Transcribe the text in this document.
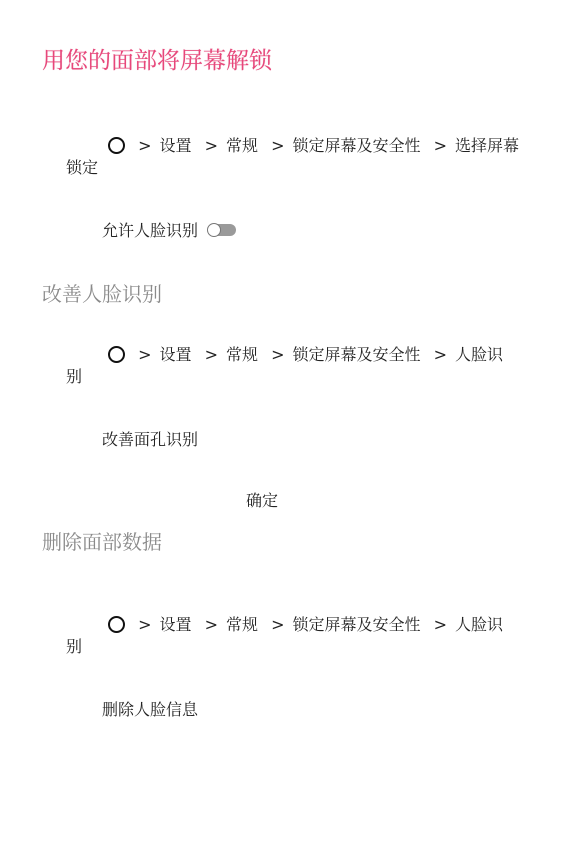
用您的面部将屏幕解锁
> 设置 > 常规 > 锁定屏幕及安全性 > 选择屏幕
锁定
允许人脸识别
改善人脸识别
> 设置 > 常规 > 锁定屏幕及安全性 > 人脸识
别
改善面孔识别
确定
删除面部数据
> 设置 > 常规 > 锁定屏幕及安全性 > 人脸识
别
删除人脸信息
